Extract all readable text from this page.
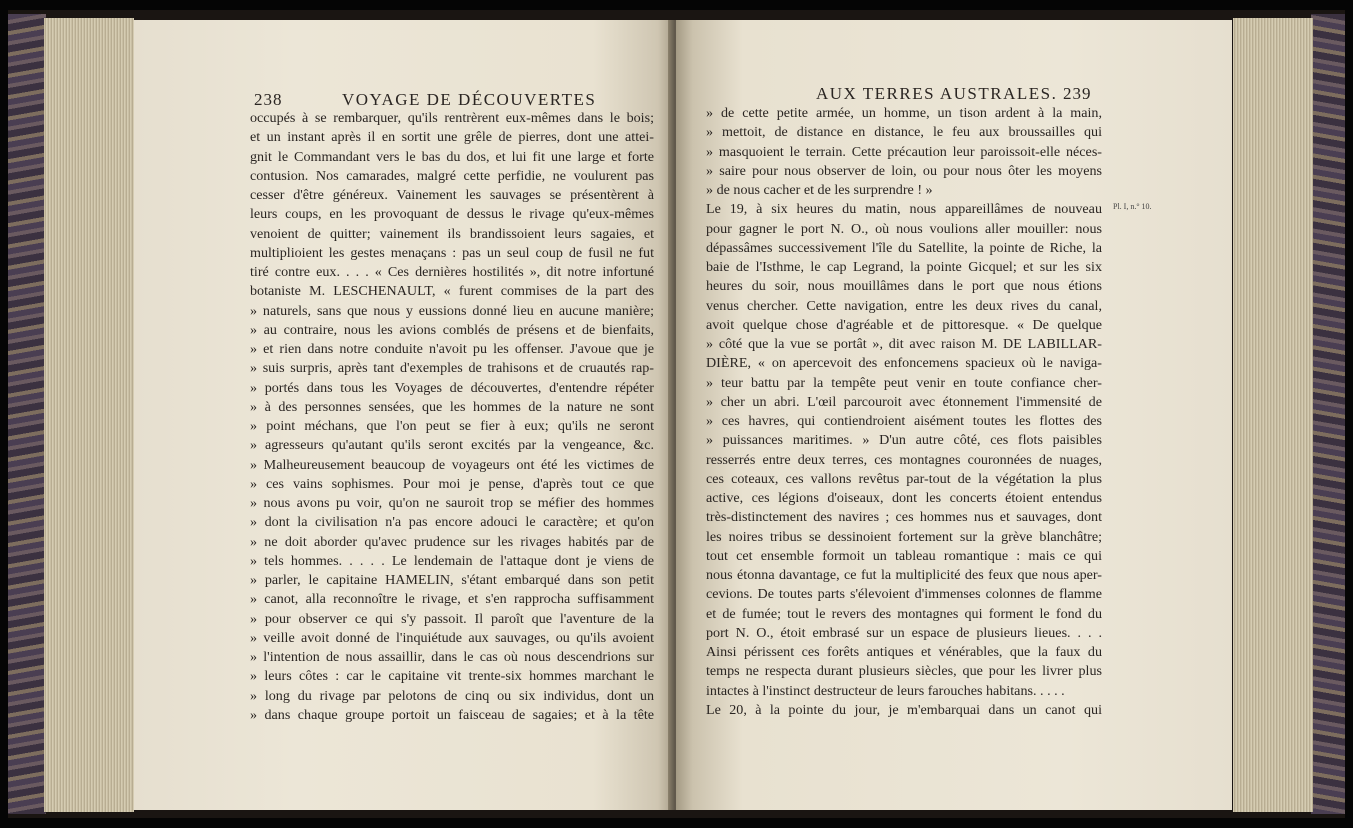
238	VOYAGE DE DÉCOUVERTES
occupés à se rembarquer, qu'ils rentrèrent eux-mêmes dans le bois;
et un instant après il en sortit une grêle de pierres, dont une attei-
gnit le Commandant vers le bas du dos, et lui fit une large et forte
contusion. Nos camarades, malgré cette perfidie, ne voulurent pas
cesser d'être généreux. Vainement les sauvages se présentèrent à
leurs coups, en les provoquant de dessus le rivage qu'eux-mêmes
venoient de quitter; vainement ils brandissoient leurs sagaies, et
multiplioient les gestes menaçans : pas un seul coup de fusil ne fut
tiré contre eux. . . . « Ces dernières hostilités », dit notre infortuné
botaniste M. LESCHENAULT, « furent commises de la part des
» naturels, sans que nous y eussions donné lieu en aucune manière;
» au contraire, nous les avions comblés de présens et de bienfaits,
» et rien dans notre conduite n'avoit pu les offenser. J'avoue que je
» suis surpris, après tant d'exemples de trahisons et de cruautés rap-
» portés dans tous les Voyages de découvertes, d'entendre répéter
» à des personnes sensées, que les hommes de la nature ne sont
» point méchans, que l'on peut se fier à eux; qu'ils ne seront
» agresseurs qu'autant qu'ils seront excités par la vengeance, &c.
» Malheureusement beaucoup de voyageurs ont été les victimes de
» ces vains sophismes. Pour moi je pense, d'après tout ce que
» nous avons pu voir, qu'on ne sauroit trop se méfier des hommes
» dont la civilisation n'a pas encore adouci le caractère; et qu'on
» ne doit aborder qu'avec prudence sur les rivages habités par de
» tels hommes. . . . . Le lendemain de l'attaque dont je viens de
» parler, le capitaine HAMELIN, s'étant embarqué dans son petit
» canot, alla reconnoître le rivage, et s'en rapprocha suffisamment
» pour observer ce qui s'y passoit. Il paroît que l'aventure de la
» veille avoit donné de l'inquiétude aux sauvages, ou qu'ils avoient
» l'intention de nous assaillir, dans le cas où nous descendrions sur
» leurs côtes : car le capitaine vit trente-six hommes marchant le
» long du rivage par pelotons de cinq ou six individus, dont un
» dans chaque groupe portoit un faisceau de sagaies; et à la tête
AUX TERRES AUSTRALES. 239
» de cette petite armée, un homme, un tison ardent à la main,
» mettoit, de distance en distance, le feu aux broussailles qui
» masquoient le terrain. Cette précaution leur paroissoit-elle néces-
» saire pour nous observer de loin, ou pour nous ôter les moyens
» de nous cacher et de les surprendre ! »
Le 19, à six heures du matin, nous appareillâmes de nouveau
pour gagner le port N. O., où nous voulions aller mouiller: nous
dépassâmes successivement l'île du Satellite, la pointe de Riche, la
baie de l'Isthme, le cap Legrand, la pointe Gicquel; et sur les six
heures du soir, nous mouillâmes dans le port que nous étions
venus chercher. Cette navigation, entre les deux rives du canal,
avoit quelque chose d'agréable et de pittoresque. « De quelque
» côté que la vue se portât », dit avec raison M. DE LABILLAR-
DIÈRE, « on apercevoit des enfoncemens spacieux où le naviga-
» teur battu par la tempête peut venir en toute confiance cher-
» cher un abri. L'œil parcouroit avec étonnement l'immensité de
» ces havres, qui contiendroient aisément toutes les flottes des
» puissances maritimes. » D'un autre côté, ces flots paisibles
resserrés entre deux terres, ces montagnes couronnées de nuages,
ces coteaux, ces vallons revêtus par-tout de la végétation la plus
active, ces légions d'oiseaux, dont les concerts étoient entendus
très-distinctement des navires ; ces hommes nus et sauvages, dont
les noires tribus se dessinoient fortement sur la grève blanchâtre;
tout cet ensemble formoit un tableau romantique : mais ce qui
nous étonna davantage, ce fut la multiplicité des feux que nous aper-
cevions. De toutes parts s'élevoient d'immenses colonnes de flamme
et de fumée; tout le revers des montagnes qui forment le fond du
port N. O., étoit embrasé sur un espace de plusieurs lieues. . . .
Ainsi périssent ces forêts antiques et vénérables, que la faux du
temps ne respecta durant plusieurs siècles, que pour les livrer plus
intactes à l'instinct destructeur de leurs farouches habitans. . . . .
Le 20, à la pointe du jour, je m'embarquai dans un canot qui
Pl. I, n.° 10.
